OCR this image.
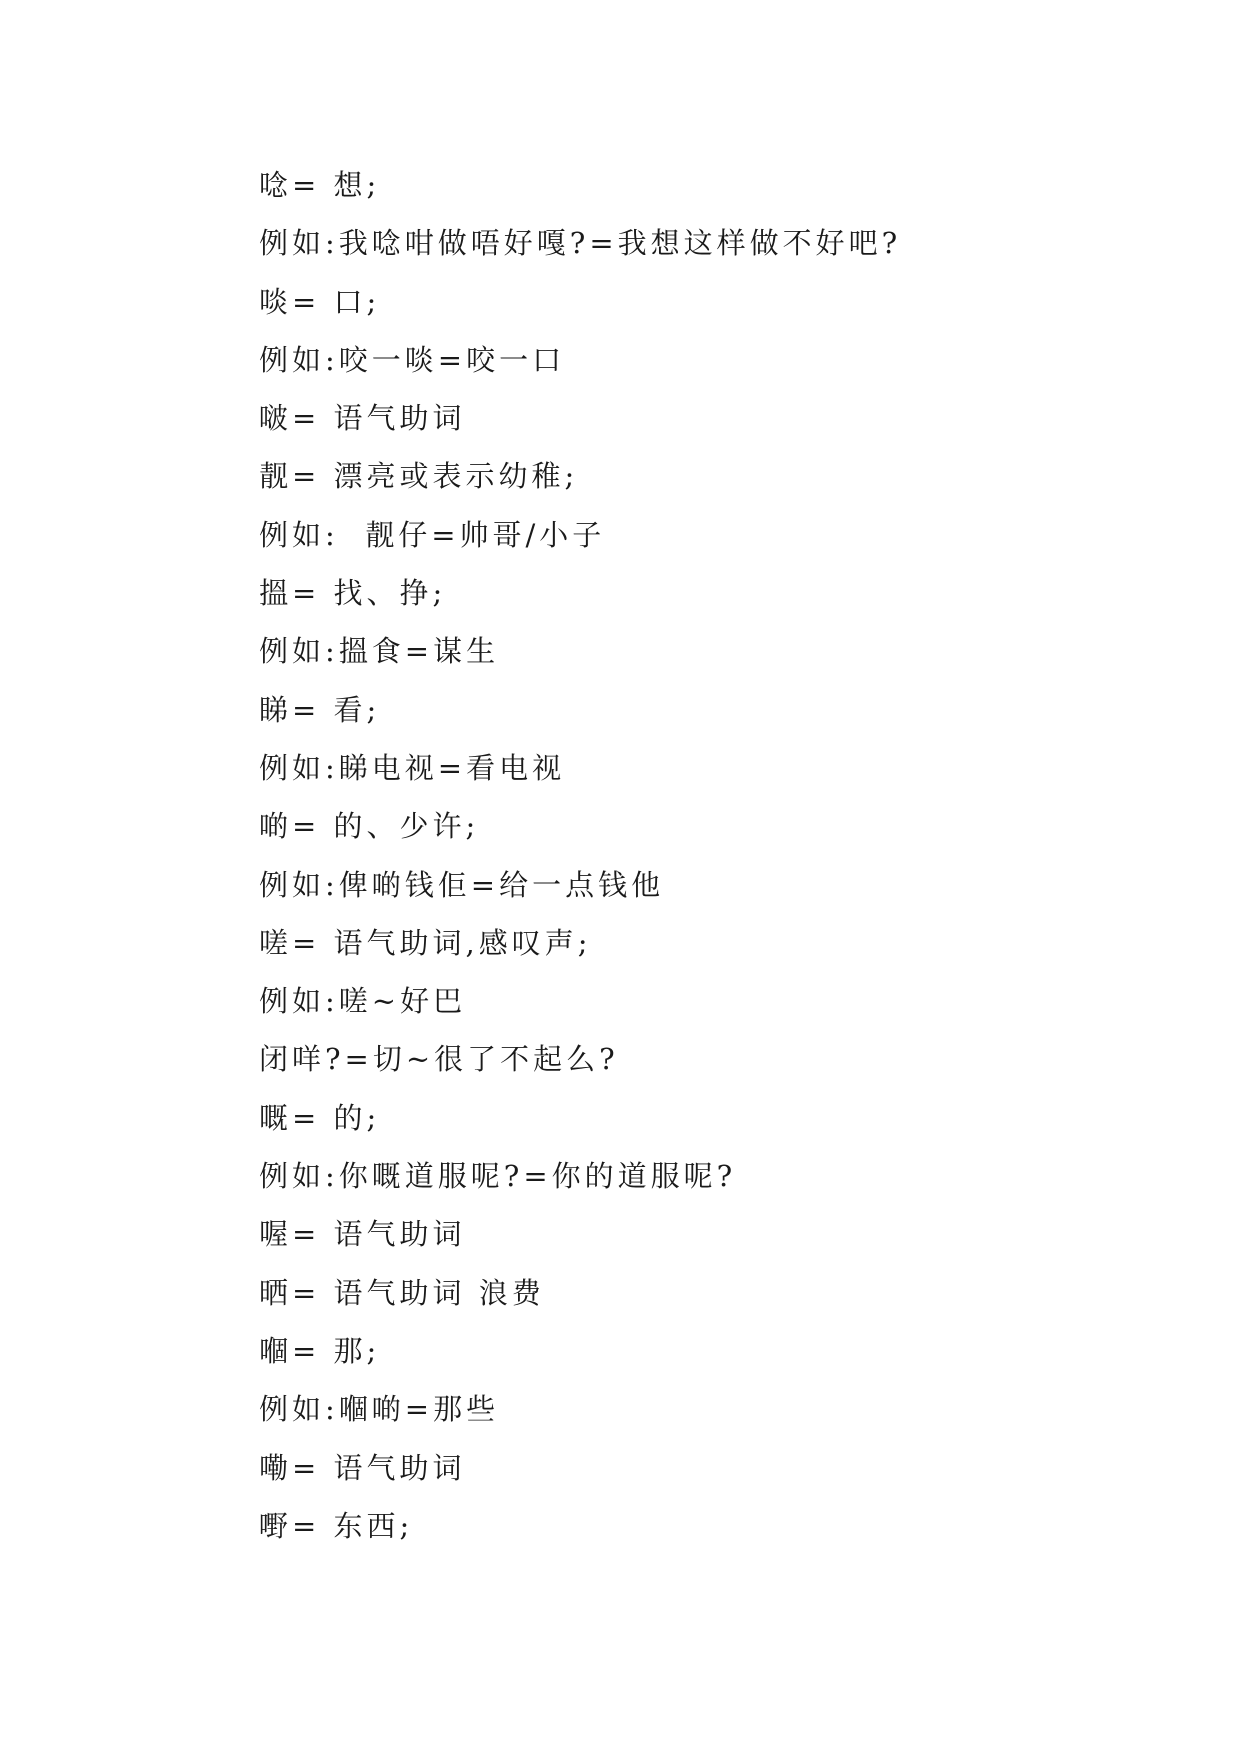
唸= 想;
例如:我唸咁做唔好嘎?=我想这样做不好吧?
啖= 口;
例如:咬一啖=咬一口
啵= 语气助词
靓= 漂亮或表示幼稚;
例如:  靓仔=帅哥/小子
搵= 找、挣;
例如:搵食=谋生
睇= 看;
例如:睇电视=看电视
啲= 的、少许;
例如:俾啲钱佢=给一点钱他
嗟= 语气助词,感叹声;
例如:嗟~好巴
闭咩?=切~很了不起么?
嘅= 的;
例如:你嘅道服呢?=你的道服呢?
喔= 语气助词
晒= 语气助词 浪费
嗰= 那;
例如:嗰啲=那些
嘞= 语气助词
嘢= 东西;
